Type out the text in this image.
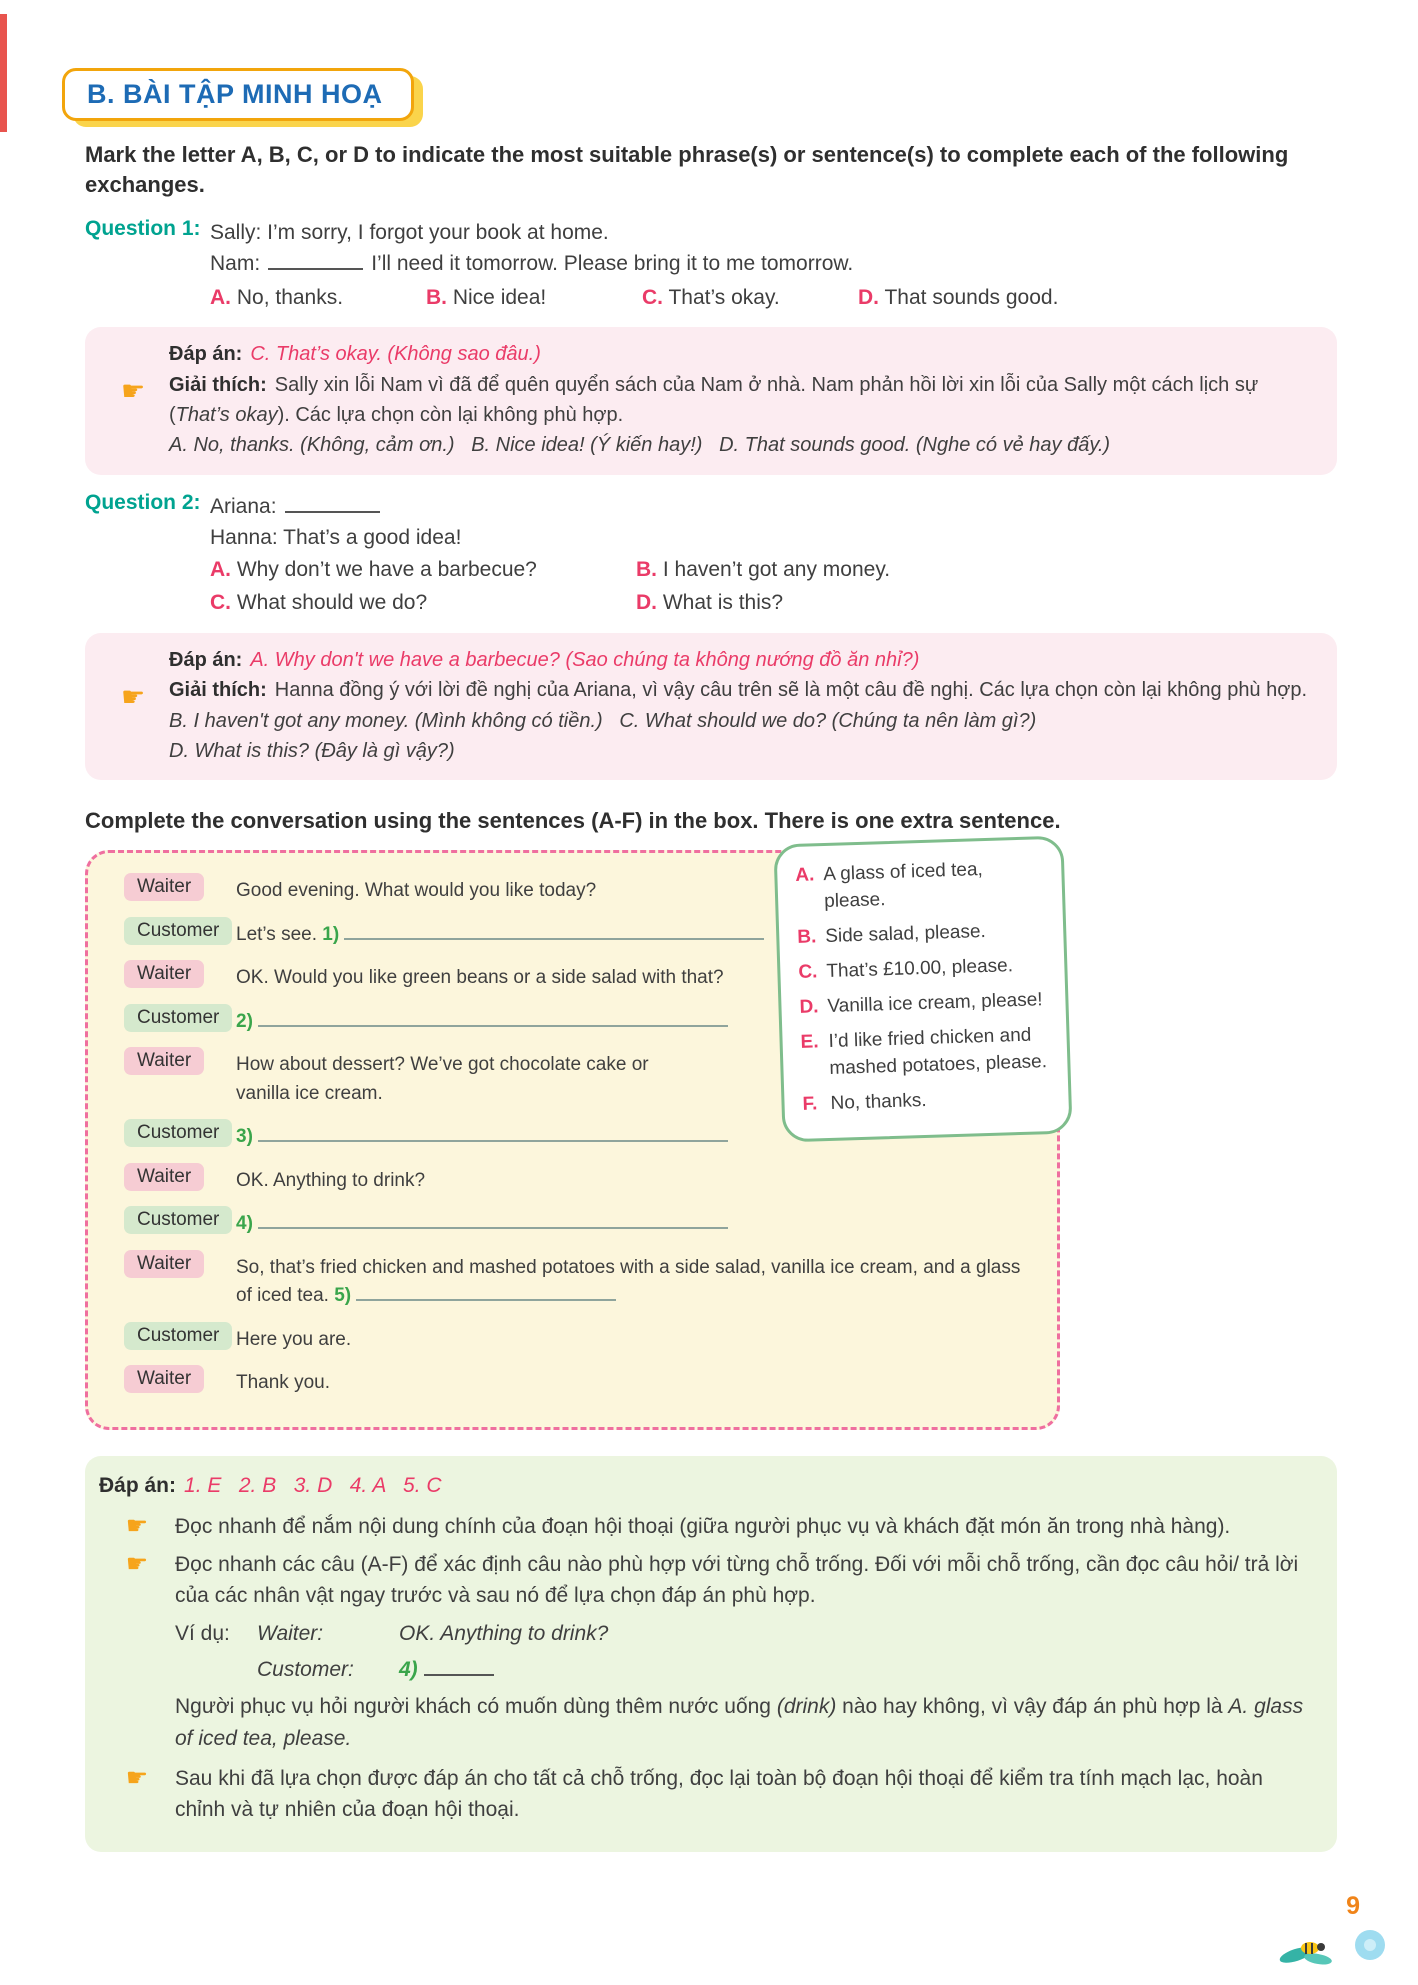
B. BÀI TẬP MINH HOẠ

Mark the letter A, B, C, or D to indicate the most suitable phrase(s) or sentence(s) to complete each of the following exchanges.

Question 1: Sally: I’m sorry, I forgot your book at home.
Nam:	I’ll need it tomorrow. Please bring it to me tomorrow.
A. No, thanks.	B. Nice idea!	C. That’s okay.	D. That sounds good.
☛
Đáp án: C. That’s okay. (Không sao đâu.)
Giải thích: Sally xin lỗi Nam vì đã để quên quyển sách của Nam ở nhà. Nam phản hồi lời xin lỗi của Sally một cách lịch sự (That’s okay). Các lựa chọn còn lại không phù hợp.
A. No, thanks. (Không, cảm ơn.)   B. Nice idea! (Ý kiến hay!)   D. That sounds good. (Nghe có vẻ hay đấy.)
Question 2: Ariana:
Hanna: That’s a good idea!
A. Why don’t we have a barbecue?	B. I haven’t got any money.
C. What should we do?	D. What is this?
☛
Đáp án: A. Why don't we have a barbecue? (Sao chúng ta không nướng đồ ăn nhỉ?)
Giải thích: Hanna đồng ý với lời đề nghị của Ariana, vì vậy câu trên sẽ là một câu đề nghị. Các lựa chọn còn lại không phù hợp.
B. I haven't got any money. (Mình không có tiền.)   C. What should we do? (Chúng ta nên làm gì?)
D. What is this? (Đây là gì vậy?)

Complete the conversation using the sentences (A-F) in the box. There is one extra sentence.

Waiter	Good evening. What would you like today?
Customer Let’s see. 1)
Waiter	OK. Would you like green beans or a side salad with that?
Customer 2)
Waiter	How about dessert? We’ve got chocolate cake or vanilla ice cream.
Customer 3)
Waiter	OK. Anything to drink?
Customer 4)
Waiter	So, that’s fried chicken and mashed potatoes with a side salad, vanilla ice cream, and a glass of iced tea. 5)
Customer Here you are.
Waiter	Thank you.
A. A glass of iced tea, please.
B. Side salad, please.
C. That’s £10.00, please.
D. Vanilla ice cream, please!
E. I’d like fried chicken and mashed potatoes, please.
F. No, thanks.
Đáp án: 1. E   2. B   3. D   4. A   5. C
☛	Đọc nhanh để nắm nội dung chính của đoạn hội thoại (giữa người phục vụ và khách đặt món ăn trong nhà hàng).
☛	Đọc nhanh các câu (A-F) để xác định câu nào phù hợp với từng chỗ trống. Đối với mỗi chỗ trống, cần đọc câu hỏi/ trả lời của các nhân vật ngay trước và sau nó để lựa chọn đáp án phù hợp.
Ví dụ:	Waiter:	OK. Anything to drink?
Customer:	4)
Người phục vụ hỏi người khách có muốn dùng thêm nước uống (drink) nào hay không, vì vậy đáp án phù hợp là A. glass of iced tea, please.
☛	Sau khi đã lựa chọn được đáp án cho tất cả chỗ trống, đọc lại toàn bộ đoạn hội thoại để kiểm tra tính mạch lạc, hoàn chỉnh và tự nhiên của đoạn hội thoại.
9
